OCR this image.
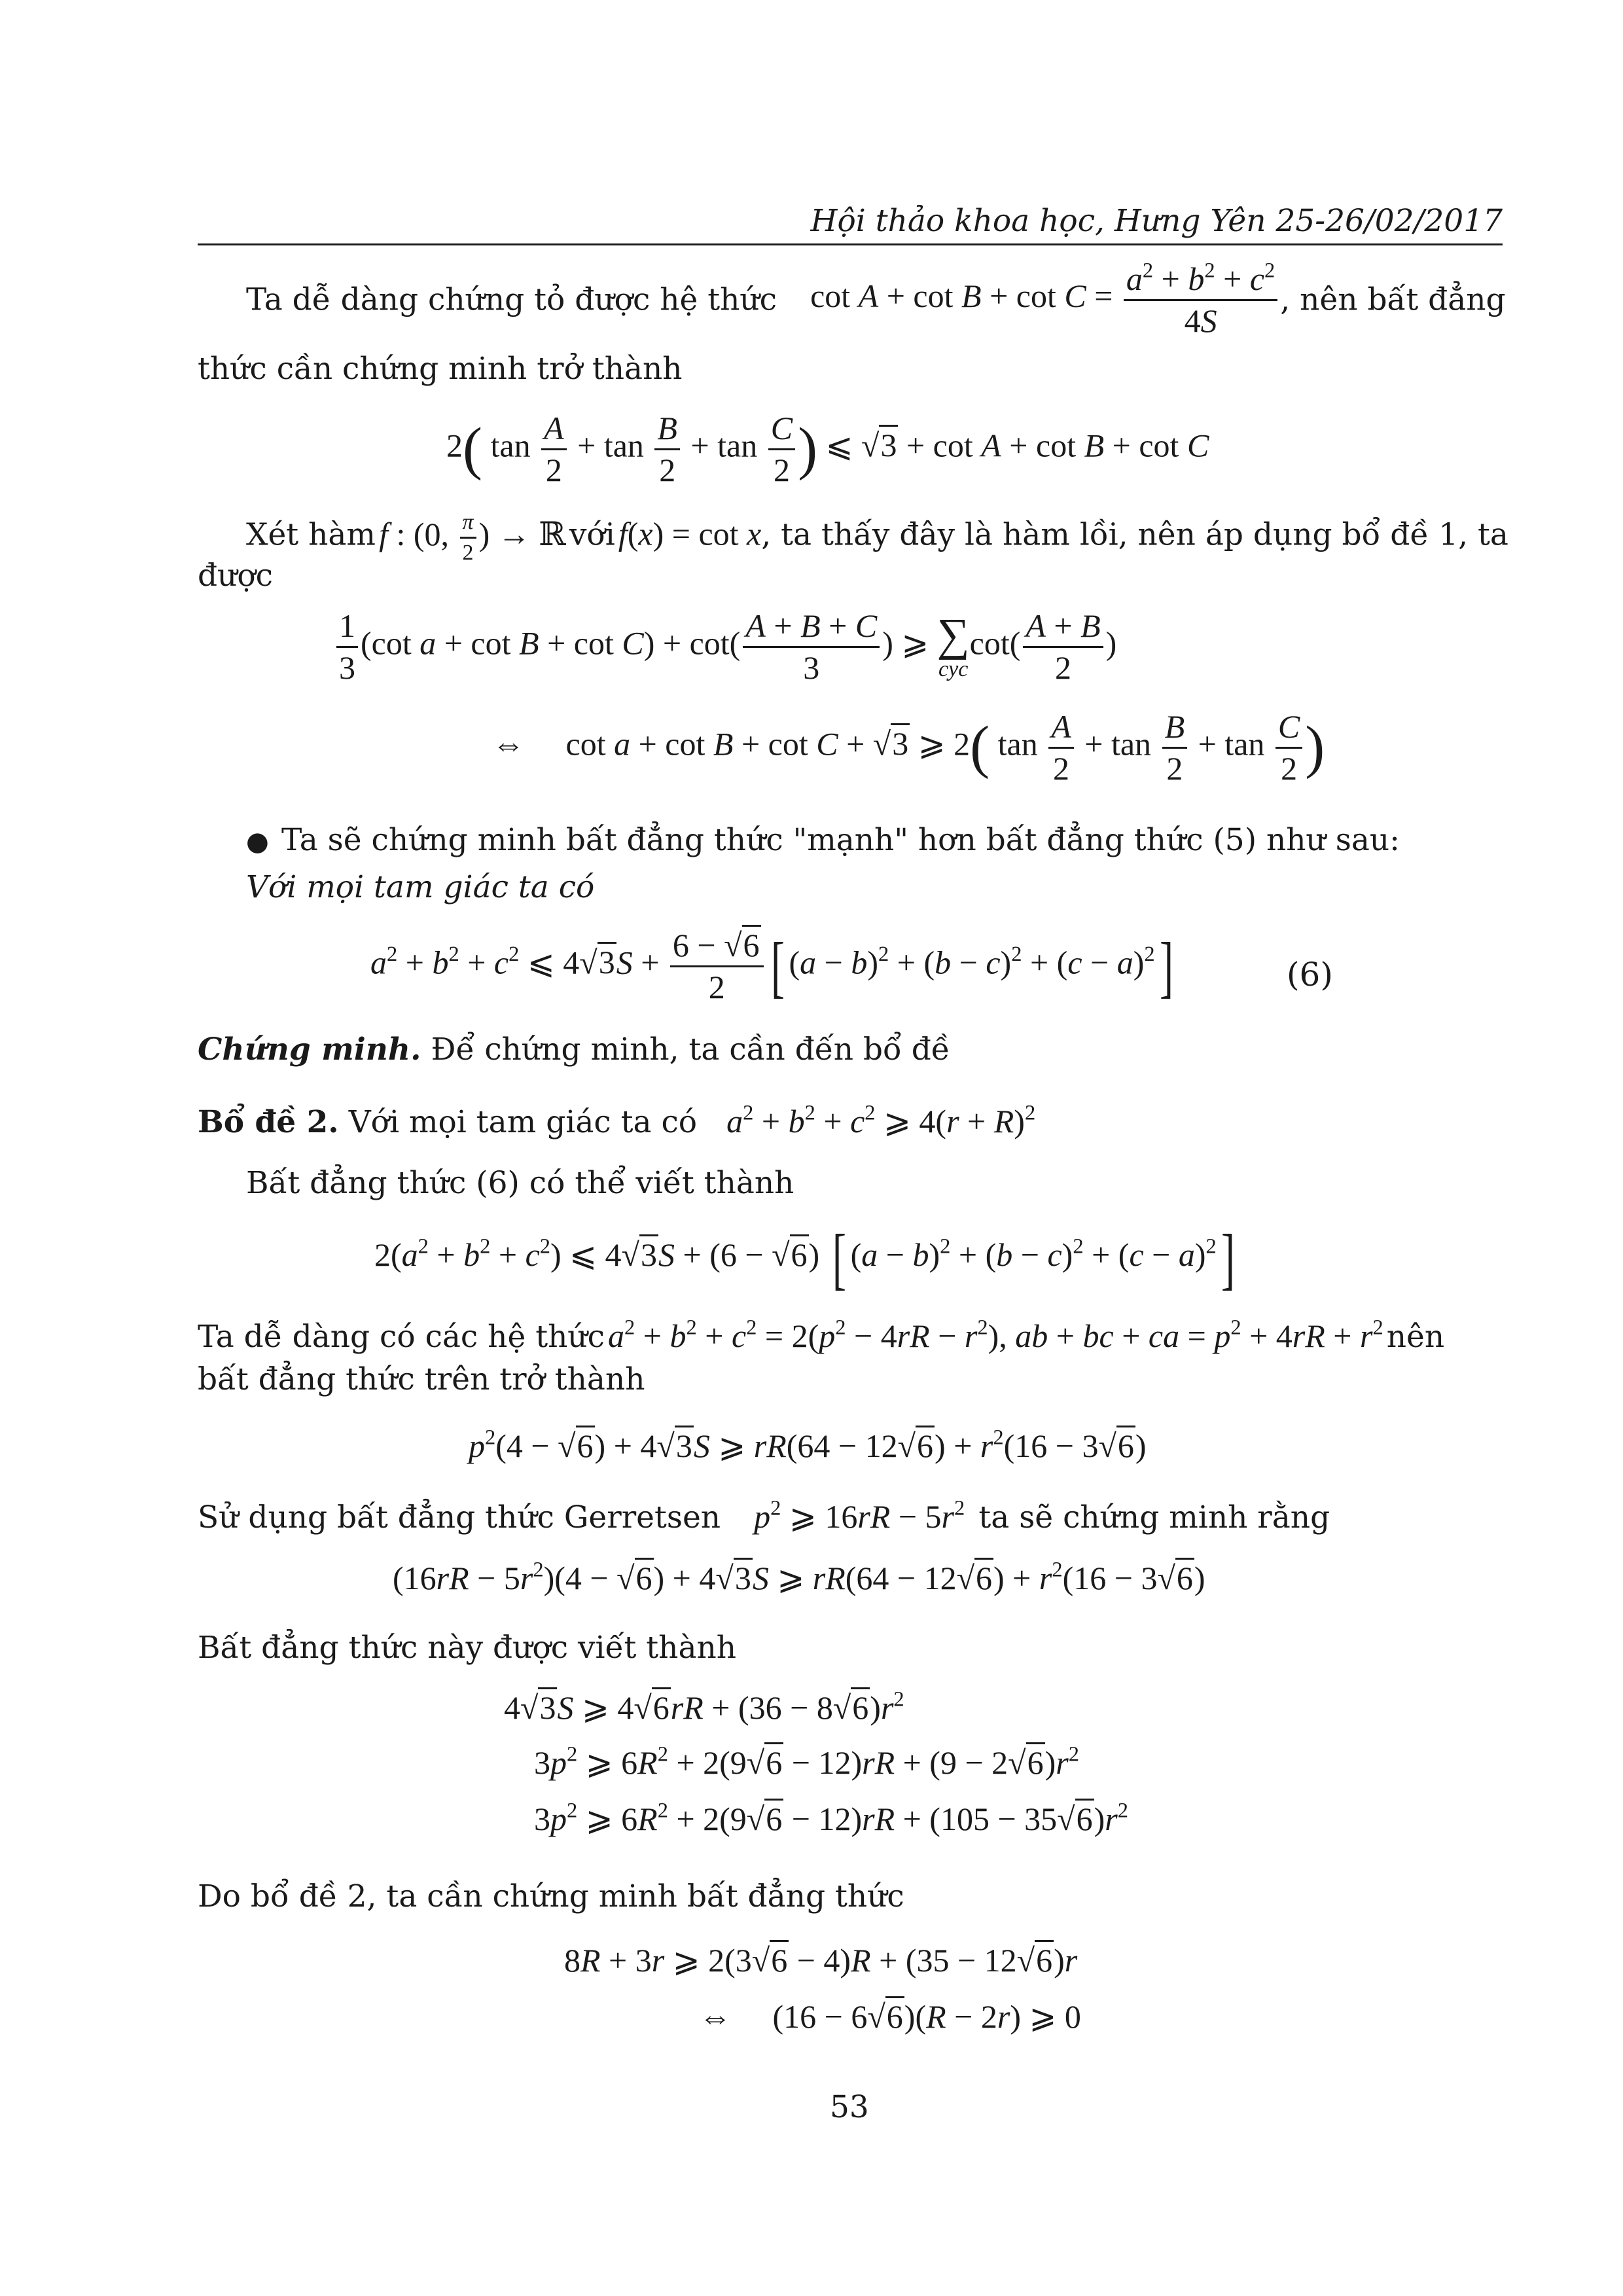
Hội thảo khoa học, Hưng Yên 25-26/02/2017
Ta dễ dàng chứng tỏ được hệ thức $\cot A + \cot B + \cot C = \frac{a^2 + b^2 + c^2}{4S}$ , nên bất đẳng
thức cần chứng minh trở thành
2( $\tan \frac{A}{2} + \tan \frac{B}{2} + \tan \frac{C}{2}$ ) ⩽ √3 + cot A + cot B + cot C
Xét hàm f : (0, $\frac{\pi}{2}$ ) → ℝ với f(x) = cot x, ta thấy đây là hàm lồi, nên áp dụng bổ đề 1, ta
được
$\frac{1}{3} (\cot$ $a + \cot B + \cot C) + \cot( \frac{A + B + C}{3}$ ) ⩾ ∑
cyc
$\cot( \frac{A + B}{2}$ )
⇔     cot a + cot B + cot C + √3 ⩾ 2( $\tan \frac{A}{2} + \tan \frac{B}{2} + \tan \frac{C}{2}$ )
● Ta sẽ chứng minh bất đẳng thức "mạnh" hơn bất đẳng thức (5) như sau:
Với mọi tam giác ta có
$a^2 + b^2 + c^2$ ⩽ $4√3S + \frac{6 - √6}{2}$ [ $(a - b)^2 + (b - c)^2 + (c - a)^2$]	(6)
Chứng minh. Để chứng minh, ta cần đến bổ đề
Bổ đề 2. Với mọi tam giác ta có $a^2 + b^2 + c^2$ ⩾ $4(r + R)^2$
Bất đẳng thức (6) có thể viết thành
$2(a^2 + b^2 + c^2)$ ⩽ 4√3S + (6 − √6) [ $(a - b)^2 + (b - c)^2 + (c - a)^2$]
Ta dễ dàng có các hệ thức $a^2 + b^2 + c^2 = 2(p^2 - 4rR - r^2)$, ab + bc + ca = $p^2 + 4rR + r^2$ nên
bất đẳng thức trên trở thành
$p^2(4 - √6) + 4√3S$ ⩾ $rR(64 - 12√6) + r^2(16 - 3√6)$
Sử dụng bất đẳng thức Gerretsen $p^2$ ⩾ $16rR - 5r^2$ ta sẽ chứng minh rằng
$(16rR - 5r^2)(4 - √6) + 4√3S$ ⩾ $rR(64 - 12√6) + r^2(16 - 3√6)$
Bất đẳng thức này được viết thành
4√3S ⩾ $4√6rR + (36 - 8√6)r^2$
$3p^2$ ⩾ $6R^2 + 2(9√6 - 12)rR + (9 - 2√6)r^2$
$3p^2$ ⩾ $6R^2 + 2(9√6 - 12)rR + (105 - 35√6)r^2$
Do bổ đề 2, ta cần chứng minh bất đẳng thức
8R + 3r ⩾ 2(3√6 − 4)R + (35 − 12√6)r
⇔     (16 − 6√6)(R − 2r) ⩾ 0
53
